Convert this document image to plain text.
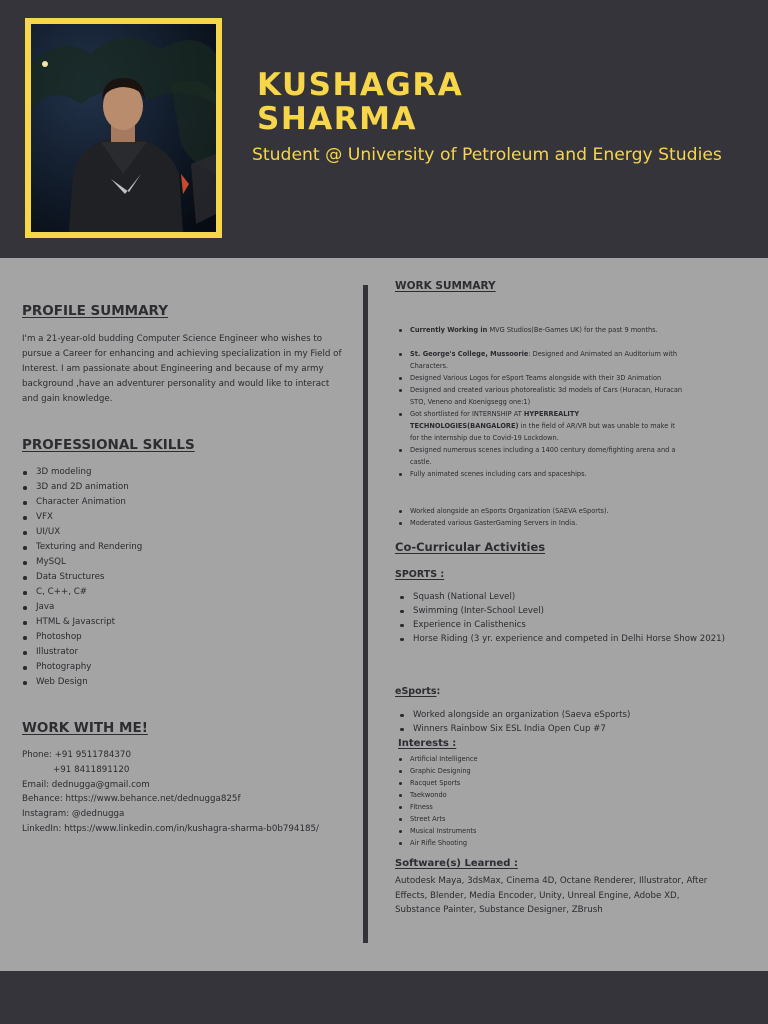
KUSHAGRA
SHARMA
Student @ University of Petroleum and Energy Studies
PROFILE SUMMARY
I'm a 21-year-old budding Computer Science Engineer who wishes to pursue a Career for enhancing and achieving specialization in my Field of Interest. I am passionate about Engineering and because of my army background ,have an adventurer personality and would like to interact and gain knowledge.
PROFESSIONAL SKILLS
3D modeling
3D and 2D animation
Character Animation
VFX
UI/UX
Texturing and Rendering
MySQL
Data Structures
C, C++, C#
Java
HTML & Javascript
Photoshop
Illustrator
Photography
Web Design
WORK WITH ME!
Phone: +91 9511784370
+91 8411891120
Email: dednugga@gmail.com
Behance: https://www.behance.net/dednugga825f
Instagram: @dednugga
LinkedIn: https://www.linkedin.com/in/kushagra-sharma-b0b794185/
WORK SUMMARY
Currently Working in MVG Studios(Be-Games UK) for the past 9 months.
St. George's College, Mussoorie: Designed and Animated an Auditorium with Characters.
Designed Various Logos for eSport Teams alongside with their 3D Animation
Designed and created various photorealistic 3d models of Cars (Huracan, Huracan STO, Veneno and Koenigsegg one:1)
Got shortlisted for INTERNSHIP AT HYPERREALITY TECHNOLOGIES(BANGALORE) in the field of AR/VR but was unable to make it for the internship due to Covid-19 Lockdown.
Designed numerous scenes including a 1400 century dome/fighting arena and a castle.
Fully animated scenes including cars and spaceships.
Worked alongside an eSports Organization (SAEVA eSports).
Moderated various GasterGaming Servers in India.
Co-Curricular Activities
SPORTS :
Squash (National Level)
Swimming (Inter-School Level)
Experience in Calisthenics
Horse Riding (3 yr. experience and competed in Delhi Horse Show 2021)
eSports:
Worked alongside an organization (Saeva eSports)
Winners Rainbow Six ESL India Open Cup #7
Interests :
Artificial Intelligence
Graphic Designing
Racquet Sports
Taekwondo
Fitness
Street Arts
Musical Instruments
Air Rifle Shooting
Software(s) Learned :
Autodesk Maya, 3dsMax, Cinema 4D, Octane Renderer, Illustrator, After Effects, Blender, Media Encoder, Unity, Unreal Engine, Adobe XD, Substance Painter, Substance Designer, ZBrush
